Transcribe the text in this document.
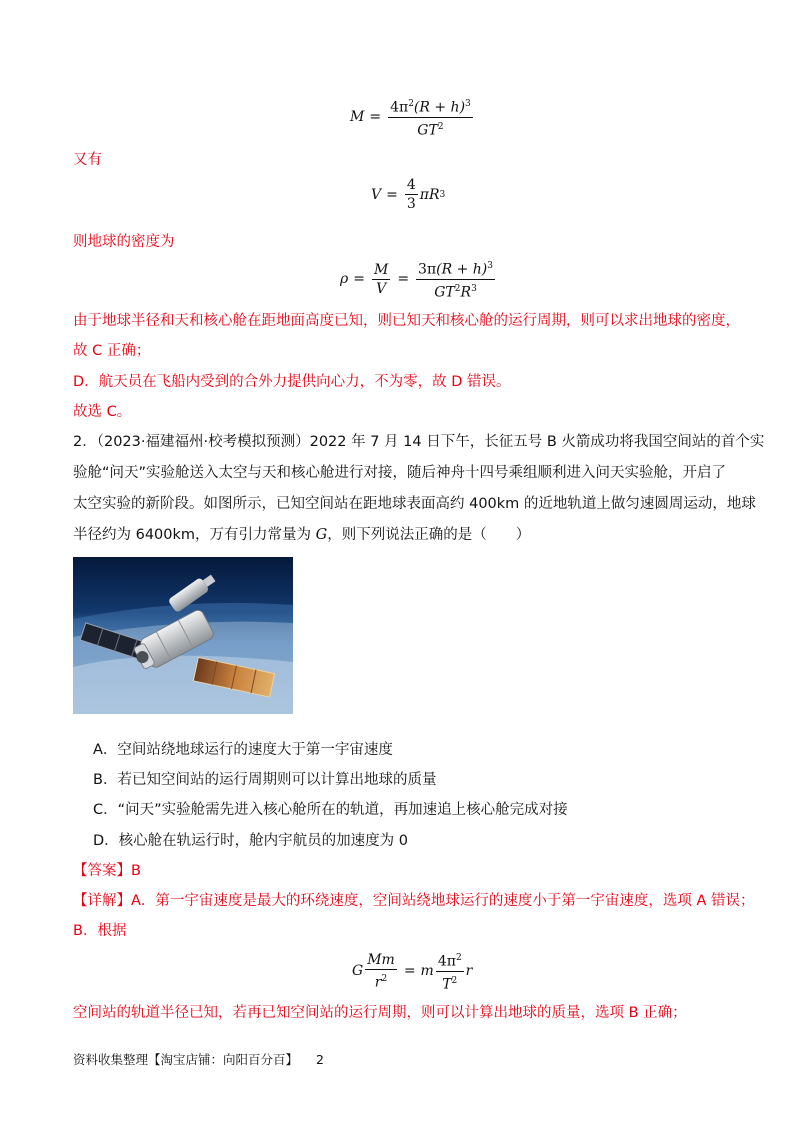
$M = \frac{4\pi^2(R + h)^3}{GT^2}$
又有
$V = \frac{4}{3}$ πR 3
则地球的密度为
$\rho = \frac{M}{V} = \frac{3\pi(R + h)^3}{GT^2R^3}$
由于地球半径和天和核心舱在距地面高度已知，则已知天和核心舱的运行周期，则可以求出地球的密度，
故 C 正确；
D．航天员在飞船内受到的合外力提供向心力，不为零，故 D 错误。
故选 C。
2．（2023·福建福州·校考模拟预测）2022 年 7 月 14 日下午，长征五号 B 火箭成功将我国空间站的首个实
验舱“问天”实验舱送入太空与天和核心舱进行对接，随后神舟十四号乘组顺利进入问天实验舱，开启了
太空实验的新阶段。如图所示，已知空间站在距地球表面高约 400km 的近地轨道上做匀速圆周运动，地球
半径约为 6400km，万有引力常量为 G，则下列说法正确的是（　　）
A．空间站绕地球运行的速度大于第一宇宙速度
B．若已知空间站的运行周期则可以计算出地球的质量
C．“问天”实验舱需先进入核心舱所在的轨道，再加速追上核心舱完成对接
D．核心舱在轨运行时，舱内宇航员的加速度为 0
【答案】B
【详解】A．第一宇宙速度是最大的环绕速度，空间站绕地球运行的速度小于第一宇宙速度，选项 A 错误；
B．根据
G $\frac{Mm}{r^2} = m \frac{4\pi^2}{T^2}$ r
空间站的轨道半径已知，若再已知空间站的运行周期，则可以计算出地球的质量，选项 B 正确；
资料收集整理【淘宝店铺：向阳百分百】 2
